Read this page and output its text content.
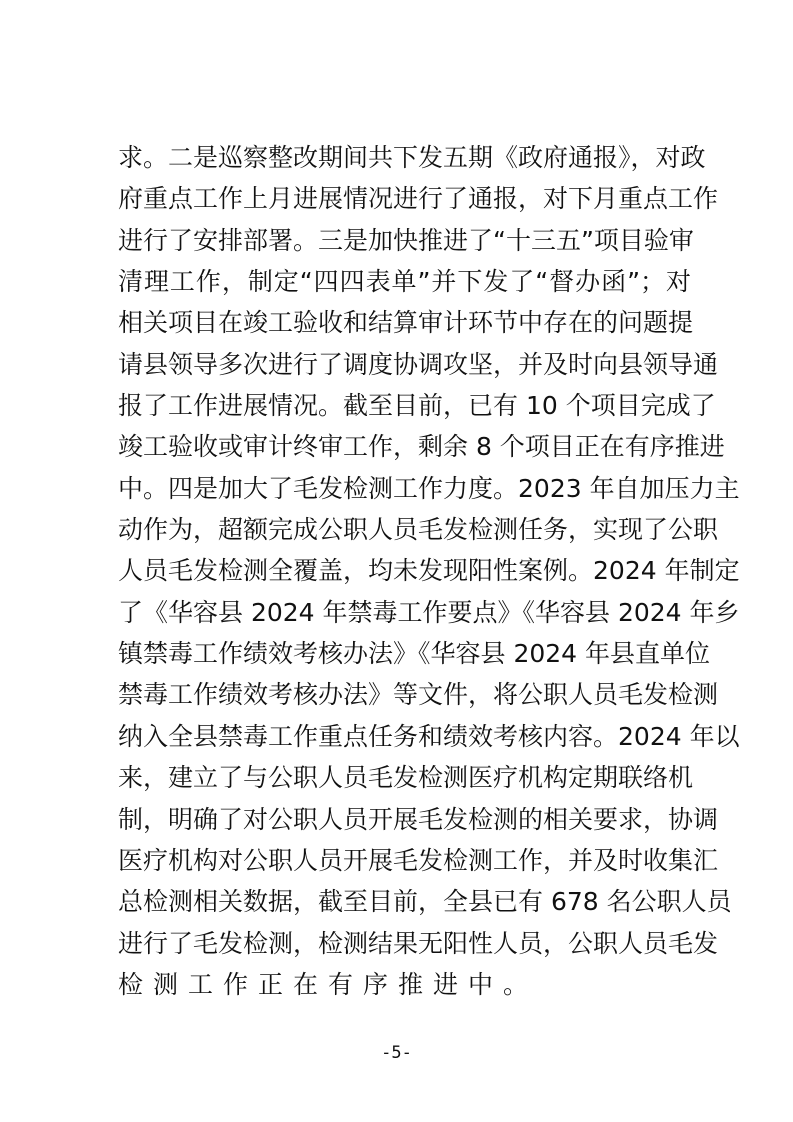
求。二是巡察整改期间共下发五期《政府通报》，对政
府重点工作上月进展情况进行了通报，对下月重点工作
进行了安排部署。三是加快推进了“十三五”项目验审
清理工作，制定“四四表单”并下发了“督办函”；对
相关项目在竣工验收和结算审计环节中存在的问题提
请县领导多次进行了调度协调攻坚，并及时向县领导通
报了工作进展情况。截至目前，已有 10 个项目完成了
竣工验收或审计终审工作，剩余 8 个项目正在有序推进
中。四是加大了毛发检测工作力度。2023 年自加压力主
动作为，超额完成公职人员毛发检测任务，实现了公职
人员毛发检测全覆盖，均未发现阳性案例。2024 年制定
了《华容县 2024 年禁毒工作要点》《华容县 2024 年乡
镇禁毒工作绩效考核办法》《华容县 2024 年县直单位
禁毒工作绩效考核办法》等文件，将公职人员毛发检测
纳入全县禁毒工作重点任务和绩效考核内容。2024 年以
来，建立了与公职人员毛发检测医疗机构定期联络机
制，明确了对公职人员开展毛发检测的相关要求，协调
医疗机构对公职人员开展毛发检测工作，并及时收集汇
总检测相关数据，截至目前，全县已有 678 名公职人员
进行了毛发检测，检测结果无阳性人员，公职人员毛发
检测工作正在有序推进中。
-5-
